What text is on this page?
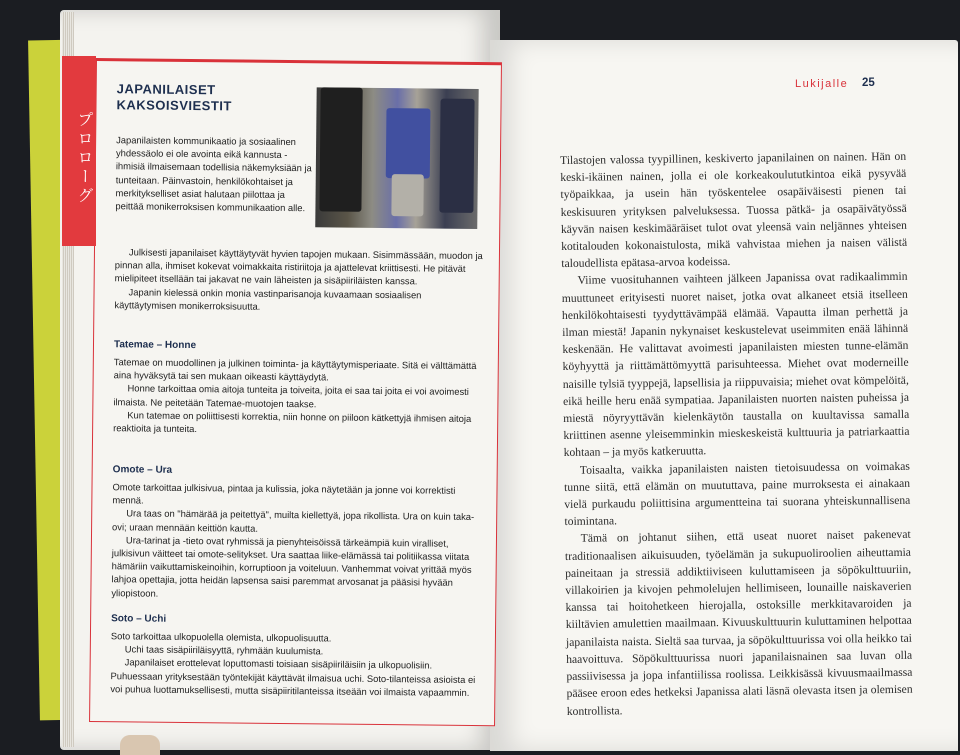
Lukijalle 25

Tilastojen valossa tyypillinen, keskiverto japanilainen on nainen. Hän on keski-ikäinen nainen, jolla ei ole korkeakoulututkintoa eikä pysyvää työpaikkaa, ja usein hän työskentelee osapäiväisesti pienen tai keskisuuren yrityksen palveluksessa. Tuossa pätkä- ja osapäivätyössä käyvän naisen keskimääräiset tulot ovat yleensä vain neljännes yhteisen kotitalouden kokonaistulosta, mikä vahvistaa miehen ja naisen välistä taloudellista epätasa-arvoa kodeissa.

Viime vuosituhannen vaihteen jälkeen Japanissa ovat radikaalimmin muuttuneet erityisesti nuoret naiset, jotka ovat alkaneet etsiä itselleen henkilökohtaisesti tyydyttävämpää elämää. Vapautta ilman perhettä ja ilman miestä! Japanin nykynaiset keskustelevat useimmiten enää lähinnä keskenään. He valittavat avoimesti japanilaisten miesten tunne-elämän köyhyyttä ja riittämättömyyttä parisuhteessa. Miehet ovat moderneille naisille tylsiä tyyppejä, lapsellisia ja riippuvaisia; miehet ovat kömpelöitä, eikä heille heru enää sympatiaa. Japanilaisten nuorten naisten puheissa ja miestä nöyryyttävän kielenkäytön taustalla on kuultavissa samalla kriittinen asenne yleisemminkin mieskeskeistä kulttuuria ja patriarkaattia kohtaan – ja myös katkeruutta.

Toisaalta, vaikka japanilaisten naisten tietoisuudessa on voimakas tunne siitä, että elämän on muututtava, paine murroksesta ei ainakaan vielä purkaudu poliittisina argumentteina tai suorana yhteiskunnallisena toimintana.

Tämä on johtanut siihen, että useat nuoret naiset pakenevat traditionaalisen aikuisuuden, työelämän ja sukupuoliroolien aiheuttamia paineitaan ja stressiä addiktiiviseen kuluttamiseen ja söpökulttuuriin, villakoirien ja kivojen pehmolelujen hellimiseen, lounaille naiskaverien kanssa tai hoitohetkeen hierojalla, ostoksille merkkitavaroiden ja kiiltävien amulettien maailmaan. Kivuuskulttuurin kuluttaminen helpottaa japanilaista naista. Sieltä saa turvaa, ja söpökulttuurissa voi olla heikko tai haavoittuva. Söpökulttuurissa nuori japanilaisnainen saa luvan olla passiivisessa ja jopa infantiilissa roolissa. Leikkisässä kivuusmaailmassa pääsee eroon edes hetkeksi Japanissa alati läsnä olevasta itsen ja olemisen kontrollista.

JAPANILAISET
KAKSOISVIESTIT
Japanilaisten kommunikaatio ja sosiaalinen yhdessäolo ei ole avointa eikä kannusta -ihmisiä ilmaisemaan todellisia näkemyksiään ja tunteitaan. Päinvastoin, henkilökohtaiset ja merkitykselliset asiat halutaan piilottaa ja peittää monikerroksisen kommunikaation alle.

Julkisesti japanilaiset käyttäytyvät hyvien tapojen mukaan. Sisimmässään, muodon ja pinnan alla, ihmiset kokevat voimakkaita ristiriitoja ja ajattelevat kriittisesti. He pitävät mielipiteet itsellään tai jakavat ne vain läheisten ja sisäpiiriläisten kanssa.

Japanin kielessä onkin monia vastinparisanoja kuvaamaan sosiaalisen käyttäytymisen monikerroksisuutta.

Tatemae – Honne

Tatemae on muodollinen ja julkinen toiminta- ja käyttäytymisperiaate. Sitä ei välttämättä aina hyväksytä tai sen mukaan oikeasti käyttäydytä.

Honne tarkoittaa omia aitoja tunteita ja toiveita, joita ei saa tai joita ei voi avoimesti ilmaista. Ne peitetään Tatemae-muotojen taakse.

Kun tatemae on poliittisesti korrektia, niin honne on piiloon kätkettyjä ihmisen aitoja reaktioita ja tunteita.

Omote – Ura

Omote tarkoittaa julkisivua, pintaa ja kulissia, joka näytetään ja jonne voi korrektisti mennä.

Ura taas on "hämärää ja peitettyä", muilta kiellettyä, jopa rikollista. Ura on kuin taka-ovi; uraan mennään keittiön kautta.

Ura-tarinat ja -tieto ovat ryhmissä ja pienyhteisöissä tärkeämpiä kuin viralliset, julkisivun väitteet tai omote-selitykset. Ura saattaa liike-elämässä tai politiikassa viitata hämäriin vaikuttamiskeinoihin, korruptioon ja voiteluun. Vanhemmat voivat yrittää myös lahjoa opettajia, jotta heidän lapsensa saisi paremmat arvosanat ja pääsisi hyvään yliopistoon.

Soto – Uchi

Soto tarkoittaa ulkopuolella olemista, ulkopuolisuutta.

Uchi taas sisäpiiriläisyyttä, ryhmään kuulumista.

Japanilaiset erottelevat loputtomasti toisiaan sisäpiiriläisiin ja ulkopuolisiin. Puhuessaan yrityksestään työntekijät käyttävät ilmaisua uchi. Soto-tilanteissa asioista ei voi puhua luottamuksellisesti, mutta sisäpiiritilanteissa itseään voi ilmaista vapaammin.

プロローグ
